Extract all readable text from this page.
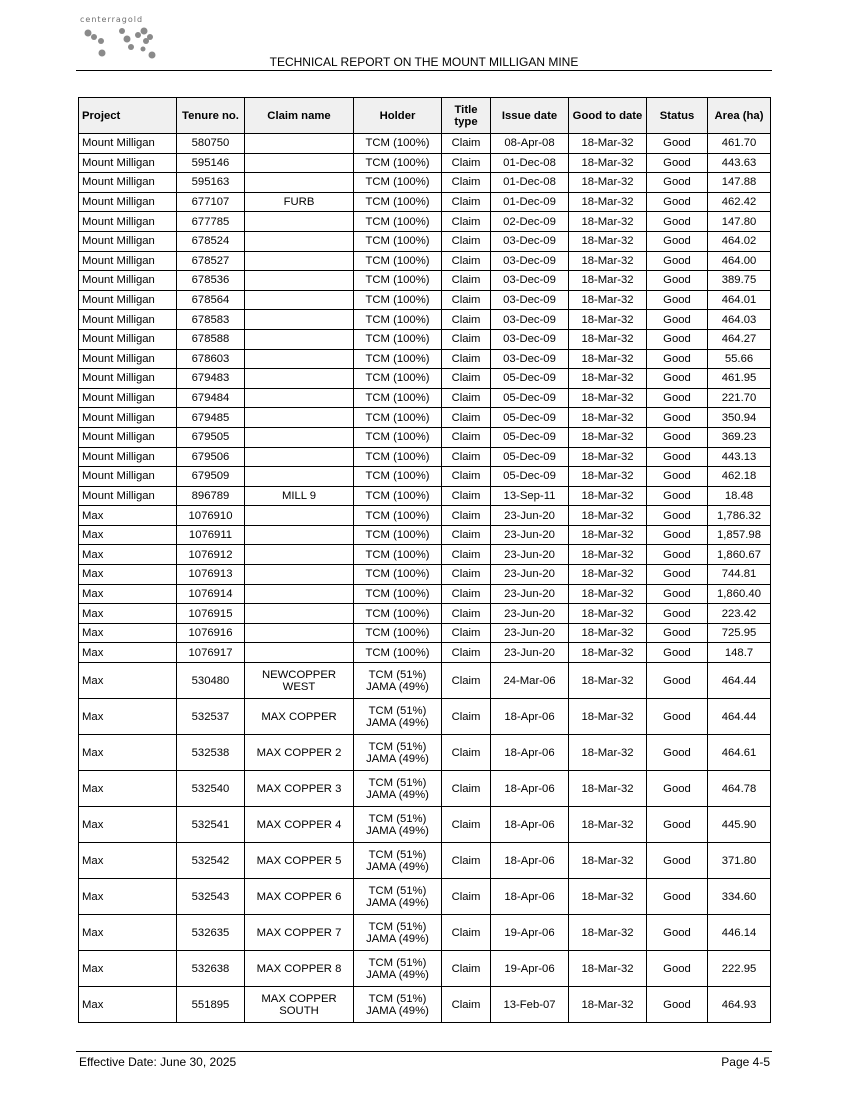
centerragold
TECHNICAL REPORT ON THE MOUNT MILLIGAN MINE
Project	Tenure no.	Claim name	Holder	Title type	Issue date	Good to date	Status	Area (ha)
Mount Milligan	580750		TCM (100%)	Claim	08-Apr-08	18-Mar-32	Good	461.70
Mount Milligan	595146		TCM (100%)	Claim	01-Dec-08	18-Mar-32	Good	443.63
Mount Milligan	595163		TCM (100%)	Claim	01-Dec-08	18-Mar-32	Good	147.88
Mount Milligan	677107	FURB	TCM (100%)	Claim	01-Dec-09	18-Mar-32	Good	462.42
Mount Milligan	677785		TCM (100%)	Claim	02-Dec-09	18-Mar-32	Good	147.80
Mount Milligan	678524		TCM (100%)	Claim	03-Dec-09	18-Mar-32	Good	464.02
Mount Milligan	678527		TCM (100%)	Claim	03-Dec-09	18-Mar-32	Good	464.00
Mount Milligan	678536		TCM (100%)	Claim	03-Dec-09	18-Mar-32	Good	389.75
Mount Milligan	678564		TCM (100%)	Claim	03-Dec-09	18-Mar-32	Good	464.01
Mount Milligan	678583		TCM (100%)	Claim	03-Dec-09	18-Mar-32	Good	464.03
Mount Milligan	678588		TCM (100%)	Claim	03-Dec-09	18-Mar-32	Good	464.27
Mount Milligan	678603		TCM (100%)	Claim	03-Dec-09	18-Mar-32	Good	55.66
Mount Milligan	679483		TCM (100%)	Claim	05-Dec-09	18-Mar-32	Good	461.95
Mount Milligan	679484		TCM (100%)	Claim	05-Dec-09	18-Mar-32	Good	221.70
Mount Milligan	679485		TCM (100%)	Claim	05-Dec-09	18-Mar-32	Good	350.94
Mount Milligan	679505		TCM (100%)	Claim	05-Dec-09	18-Mar-32	Good	369.23
Mount Milligan	679506		TCM (100%)	Claim	05-Dec-09	18-Mar-32	Good	443.13
Mount Milligan	679509		TCM (100%)	Claim	05-Dec-09	18-Mar-32	Good	462.18
Mount Milligan	896789	MILL 9	TCM (100%)	Claim	13-Sep-11	18-Mar-32	Good	18.48
Max	1076910		TCM (100%)	Claim	23-Jun-20	18-Mar-32	Good	1,786.32
Max	1076911		TCM (100%)	Claim	23-Jun-20	18-Mar-32	Good	1,857.98
Max	1076912		TCM (100%)	Claim	23-Jun-20	18-Mar-32	Good	1,860.67
Max	1076913		TCM (100%)	Claim	23-Jun-20	18-Mar-32	Good	744.81
Max	1076914		TCM (100%)	Claim	23-Jun-20	18-Mar-32	Good	1,860.40
Max	1076915		TCM (100%)	Claim	23-Jun-20	18-Mar-32	Good	223.42
Max	1076916		TCM (100%)	Claim	23-Jun-20	18-Mar-32	Good	725.95
Max	1076917		TCM (100%)	Claim	23-Jun-20	18-Mar-32	Good	148.7
Max	530480	NEWCOPPER WEST	TCM (51%)
JAMA (49%)	Claim	24-Mar-06	18-Mar-32	Good	464.44
Max	532537	MAX COPPER	TCM (51%)
JAMA (49%)	Claim	18-Apr-06	18-Mar-32	Good	464.44
Max	532538	MAX COPPER 2	TCM (51%)
JAMA (49%)	Claim	18-Apr-06	18-Mar-32	Good	464.61
Max	532540	MAX COPPER 3	TCM (51%)
JAMA (49%)	Claim	18-Apr-06	18-Mar-32	Good	464.78
Max	532541	MAX COPPER 4	TCM (51%)
JAMA (49%)	Claim	18-Apr-06	18-Mar-32	Good	445.90
Max	532542	MAX COPPER 5	TCM (51%)
JAMA (49%)	Claim	18-Apr-06	18-Mar-32	Good	371.80
Max	532543	MAX COPPER 6	TCM (51%)
JAMA (49%)	Claim	18-Apr-06	18-Mar-32	Good	334.60
Max	532635	MAX COPPER 7	TCM (51%)
JAMA (49%)	Claim	19-Apr-06	18-Mar-32	Good	446.14
Max	532638	MAX COPPER 8	TCM (51%)
JAMA (49%)	Claim	19-Apr-06	18-Mar-32	Good	222.95
Max	551895	MAX COPPER SOUTH	TCM (51%)
JAMA (49%)	Claim	13-Feb-07	18-Mar-32	Good	464.93
Effective Date: June 30, 2025	Page 4-5
